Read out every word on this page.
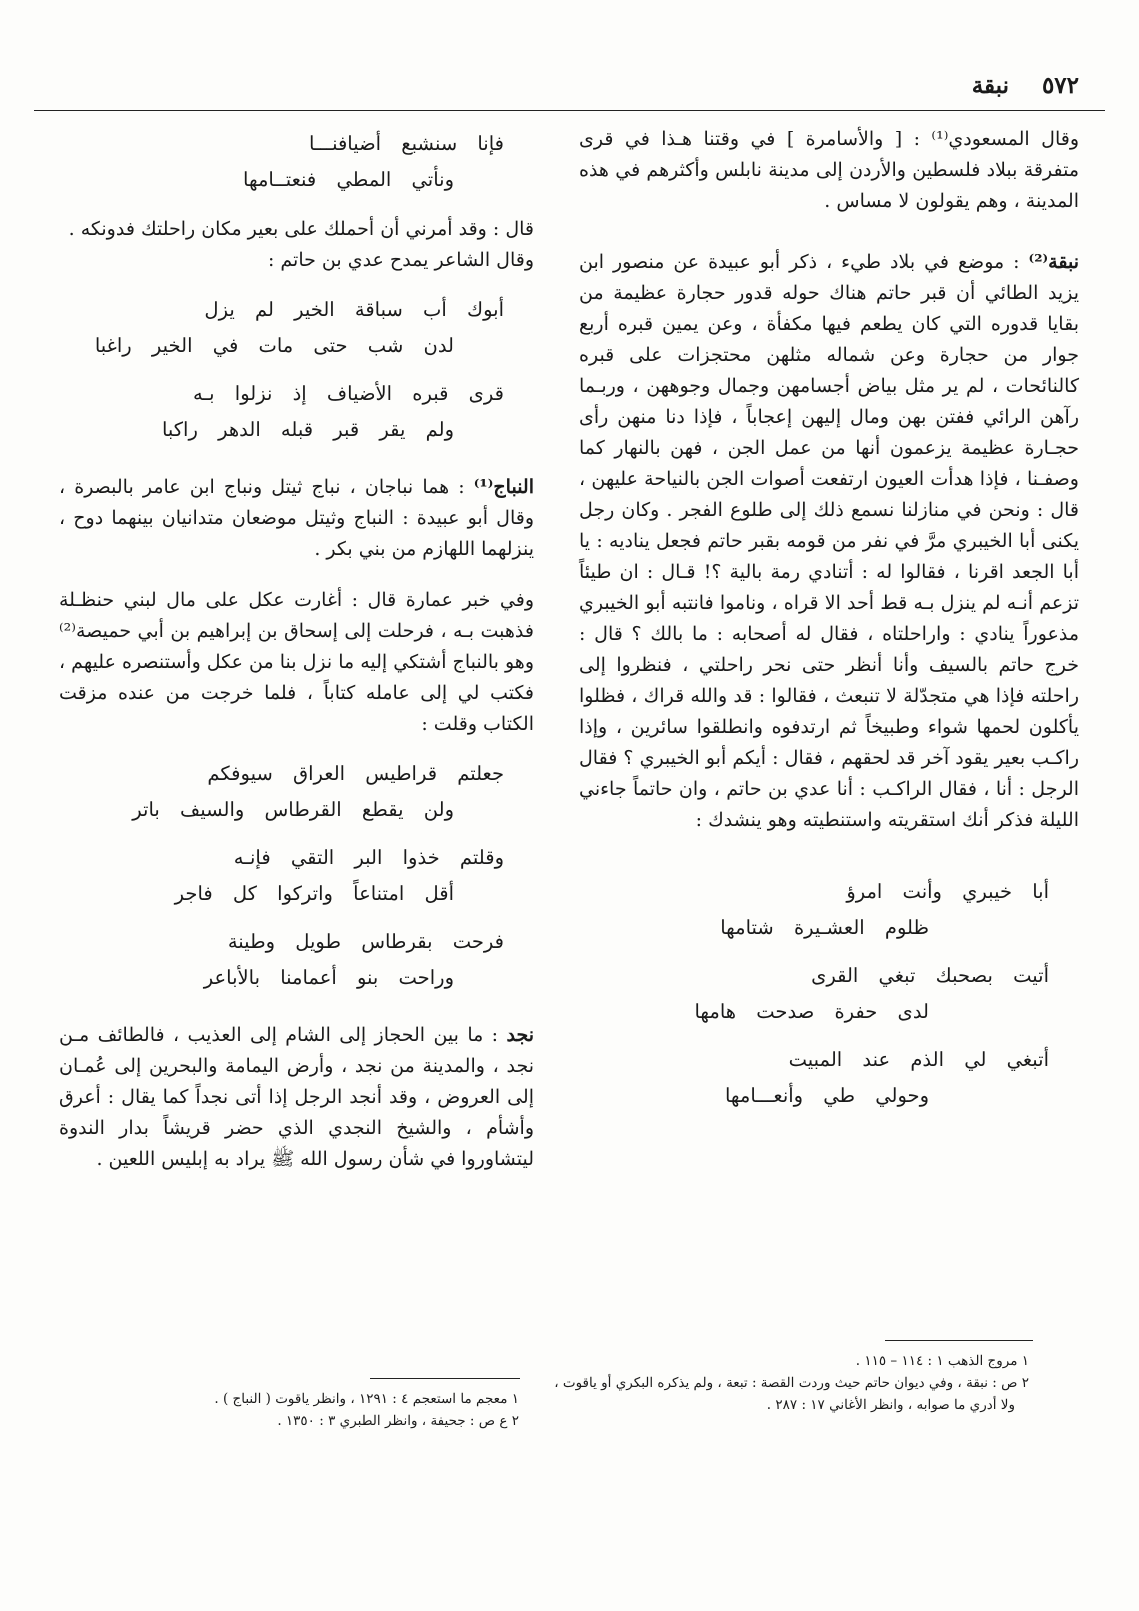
٥٧٢
نبقة

وقال المسعودي⁽¹⁾ : [ والأسامرة ] في وقتنا هـذا في قرى متفرقة ببلاد فلسطين والأردن إلى مدينة نابلس وأكثرهم في هذه المدينة ، وهم يقولون لا مساس .

نبقة⁽²⁾ : موضع في بلاد طيء ، ذكر أبو عبيدة عن منصور ابن يزيد الطائي أن قبر حاتم هناك حوله قدور حجارة عظيمة من بقايا قدوره التي كان يطعم فيها مكفأة ، وعن يمين قبره أربع جوار من حجارة وعن شماله مثلهن محتجزات على قبره كالنائحات ، لم ير مثل بياض أجسامهن وجمال وجوههن ، وربـما رآهن الرائي ففتن بهن ومال إليهن إعجاباً ، فإذا دنا منهن رأى حجـارة عظيمة يزعمون أنها من عمل الجن ، فهن بالنهار كما وصفـنا ، فإذا هدأت العيون ارتفعت أصوات الجن بالنياحة عليهن ، قال : ونحن في منازلنا نسمع ذلك إلى طلوع الفجر . وكان رجل يكنى أبا الخيبري مرَّ في نفر من قومه بقبر حاتم فجعل يناديه : يا أبا الجعد اقرنا ، فقالوا له : أتنادي رمة بالية ؟! قـال : ان طيئاً تزعم أنـه لم ينزل بـه قط أحد الا قراه ، وناموا فانتبه أبو الخيبري مذعوراً ينادي : واراحلتاه ، فقال له أصحابه : ما بالك ؟ قال : خرج حاتم بالسيف وأنا أنظر حتى نحر راحلتي ، فنظروا إلى راحلته فإذا هي متجدّلة لا تنبعث ، فقالوا : قد والله قراك ، فظلوا يأكلون لحمها شواء وطبيخاً ثم ارتدفوه وانطلقوا سائرين ، وإذا راكـب بعير يقود آخر قد لحقهم ، فقال : أيكم أبو الخيبري ؟ فقال الرجل : أنا ، فقال الراكـب : أنا عدي بن حاتم ، وان حاتماً جاءني الليلة فذكر أنك استقريته واستنطيته وهو ينشدك :

أبا خيبري وأنت امرؤ
ظلوم العشـيرة شتامها
أتيت بصحبك تبغي القرى
لدى حفرة صدحت هامها
أتبغي لي الذم عند المبيت
وحولي طي وأنعـــامها
١ مروج الذهب ١ : ١١٤ – ١١٥ .
٢ ص : نبقة ، وفي ديوان حاتم حيث وردت القصة : تبعة ، ولم يذكره البكري أو ياقوت ،
ولا أدري ما صوابه ، وانظر الأغاني ١٧ : ٢٨٧ .
فإنا سنشبع أضيافنـــا
ونأتي المطي فنعتــامها

قال : وقد أمرني أن أحملك على بعير مكان راحلتك فدونكه .

وقال الشاعر يمدح عدي بن حاتم :

أبوك أب سباقة الخير لم يزل
لدن شب حتى مات في الخير راغبا
قرى قبره الأضياف إذ نزلوا بـه
ولم يقر قبر قبله الدهر راكبا

النباج⁽¹⁾ : هما نباجان ، نباج ثيتل ونباج ابن عامر بالبصرة ، وقال أبو عبيدة : النباج وثيتل موضعان متدانيان بينهما دوح ، ينزلهما اللهازم من بني بكر .

وفي خبر عمارة قال : أغارت عكل على مال لبني حنظـلة فذهبت بـه ، فرحلت إلى إسحاق بن إبراهيم بن أبي حميصة⁽²⁾ وهو بالنباج أشتكي إليه ما نزل بنا من عكل وأستنصره عليهم ، فكتب لي إلى عامله كتاباً ، فلما خرجت من عنده مزقت الكتاب وقلت :

جعلتم قراطيس العراق سيوفكم
ولن يقطع القرطاس والسيف باتر
وقلتم خذوا البر التقي فإنـه
أقل امتناعاً واتركوا كل فاجر
فرحت بقرطاس طويل وطينة
وراحت بنو أعمامنا بالأباعر

نجد : ما بين الحجاز إلى الشام إلى العذيب ، فالطائف مـن نجد ، والمدينة من نجد ، وأرض اليمامة والبحرين إلى عُمـان إلى العروض ، وقد أنجد الرجل إذا أتى نجداً كما يقال : أعرق وأشأم ، والشيخ النجدي الذي حضر قريشاً بدار الندوة ليتشاوروا في شأن رسول الله ﷺ يراد به إبليس اللعين .

١ معجم ما استعجم ٤ : ١٢٩١ ، وانظر ياقوت ( النباج ) .
٢ ع ص : جحيفة ، وانظر الطبري ٣ : ١٣٥٠ .
